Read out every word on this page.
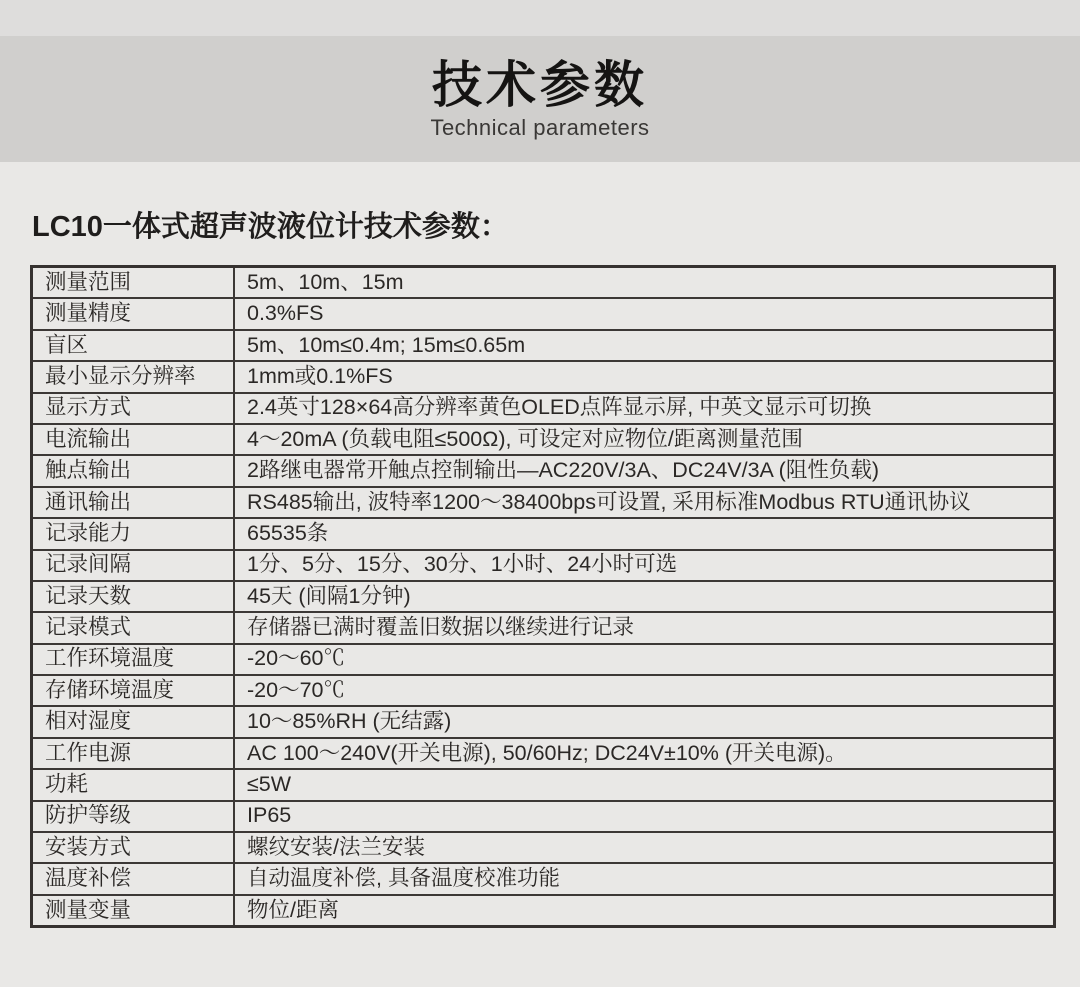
技术参数
Technical parameters
LC10一体式超声波液位计技术参数：
测量范围	5m、10m、15m
测量精度	0.3%FS
盲区	5m、10m≤0.4m; 15m≤0.65m
最小显示分辨率	1mm或0.1%FS
显示方式	2.4英寸128×64高分辨率黄色OLED点阵显示屏, 中英文显示可切换
电流输出	4～20mA (负载电阻≤500Ω), 可设定对应物位/距离测量范围
触点输出	2路继电器常开触点控制输出—AC220V/3A、DC24V/3A (阻性负载)
通讯输出	RS485输出, 波特率1200～38400bps可设置, 采用标准Modbus RTU通讯协议
记录能力	65535条
记录间隔	1分、5分、15分、30分、1小时、24小时可选
记录天数	45天 (间隔1分钟)
记录模式	存储器已满时覆盖旧数据以继续进行记录
工作环境温度	-20～60℃
存储环境温度	-20～70℃
相对湿度	10～85%RH (无结露)
工作电源	AC 100～240V(开关电源), 50/60Hz; DC24V±10% (开关电源)。
功耗	≤5W
防护等级	IP65
安装方式	螺纹安装/法兰安装
温度补偿	自动温度补偿, 具备温度校准功能
测量变量	物位/距离
